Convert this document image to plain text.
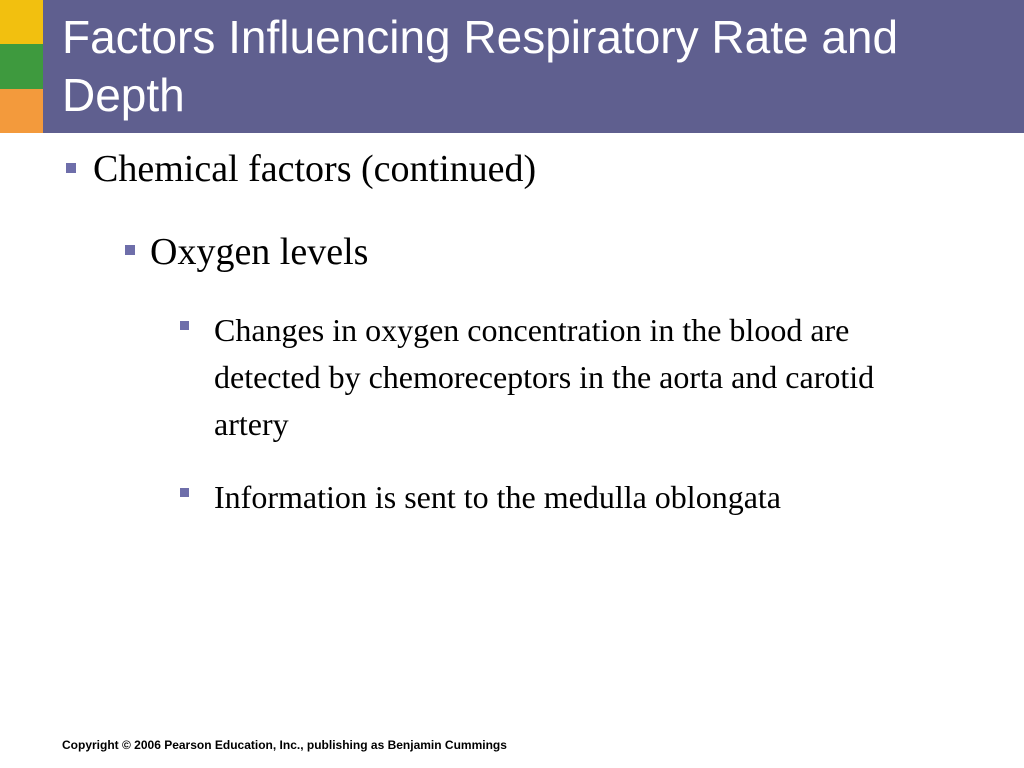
Factors Influencing Respiratory Rate and Depth
Chemical factors (continued)
Oxygen levels
Changes in oxygen concentration in the blood are detected by chemoreceptors in the aorta and carotid artery
Information is sent to the medulla oblongata
Copyright © 2006 Pearson Education, Inc., publishing as Benjamin Cummings
